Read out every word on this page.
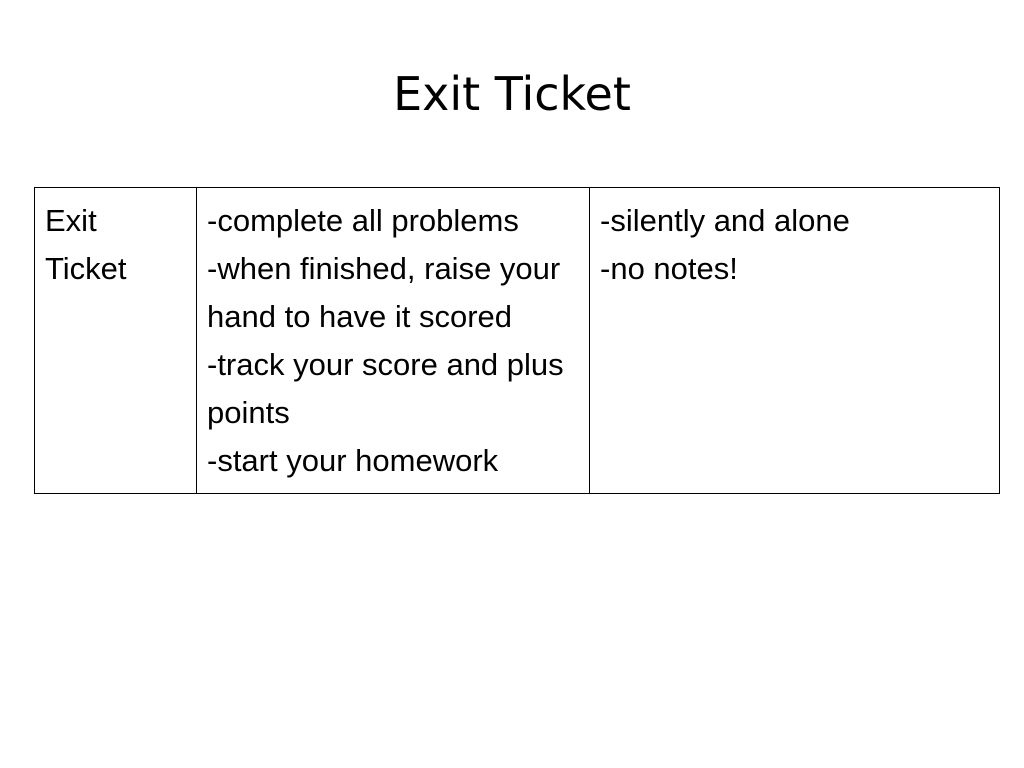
Exit Ticket
Exit Ticket

-complete all problems
-when finished, raise your hand to have it scored
-track your score and plus points
-start your homework

-silently and alone
-no notes!
